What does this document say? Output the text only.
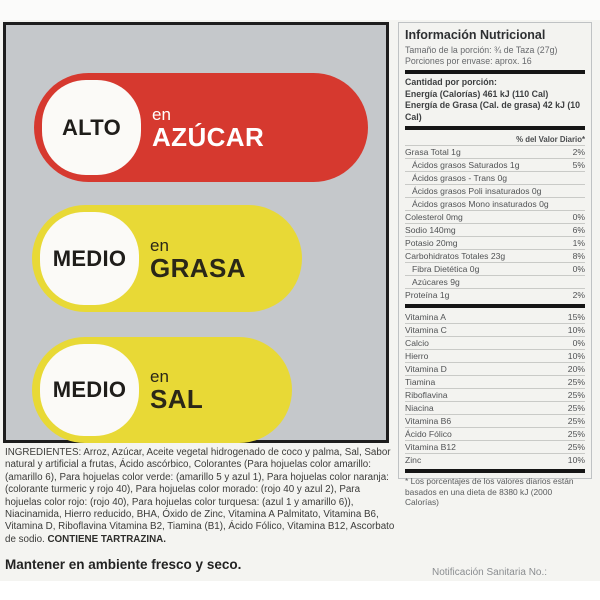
ALTO
en
AZÚCAR
MEDIO
en
GRASA
MEDIO
en
SAL
Información Nutricional
Tamaño de la porción: ¾ de Taza (27g)
Porciones por envase: aprox. 16
Cantidad por porción:
Energía (Calorías) 461 kJ (110 Cal)
Energía de Grasa (Cal. de grasa) 42 kJ (10 Cal)
% del Valor Diario*
Grasa Total 1g	2%
Ácidos grasos Saturados 1g	5%
Ácidos grasos - Trans 0g
Ácidos grasos Poli insaturados 0g
Ácidos grasos Mono insaturados 0g
Colesterol 0mg	0%
Sodio 140mg	6%
Potasio 20mg	1%
Carbohidratos Totales 23g	8%
Fibra Dietética 0g	0%
Azúcares 9g
Proteína 1g	2%
Vitamina A	15%
Vitamina C	10%
Calcio	0%
Hierro	10%
Vitamina D	20%
Tiamina	25%
Riboflavina	25%
Niacina	25%
Vitamina B6	25%
Ácido Fólico	25%
Vitamina B12	25%
Zinc	10%
* Los porcentajes de los valores diarios están basados en una dieta de 8380 kJ (2000 Calorías)

INGREDIENTES: Arroz, Azúcar, Aceite vegetal hidrogenado de coco y palma, Sal, Sabor natural y artificial a frutas, Ácido ascórbico, Colorantes (Para hojuelas color amarillo: (amarillo 6), Para hojuelas color verde: (amarillo 5 y azul 1), Para hojuelas color naranja: (colorante turmeric y rojo 40), Para hojuelas color morado: (rojo 40 y azul 2), Para hojuelas color rojo: (rojo 40), Para hojuelas color turquesa: (azul 1 y amarillo 6)), Niacinamida, Hierro reducido, BHA, Óxido de Zinc, Vitamina A Palmitato, Vitamina B6, Vitamina D, Riboflavina Vitamina B2, Tiamina (B1), Ácido Fólico, Vitamina B12, Ascorbato de sodio. CONTIENE TARTRAZINA.

Mantener en ambiente fresco y seco.
Notificación Sanitaria No.:
